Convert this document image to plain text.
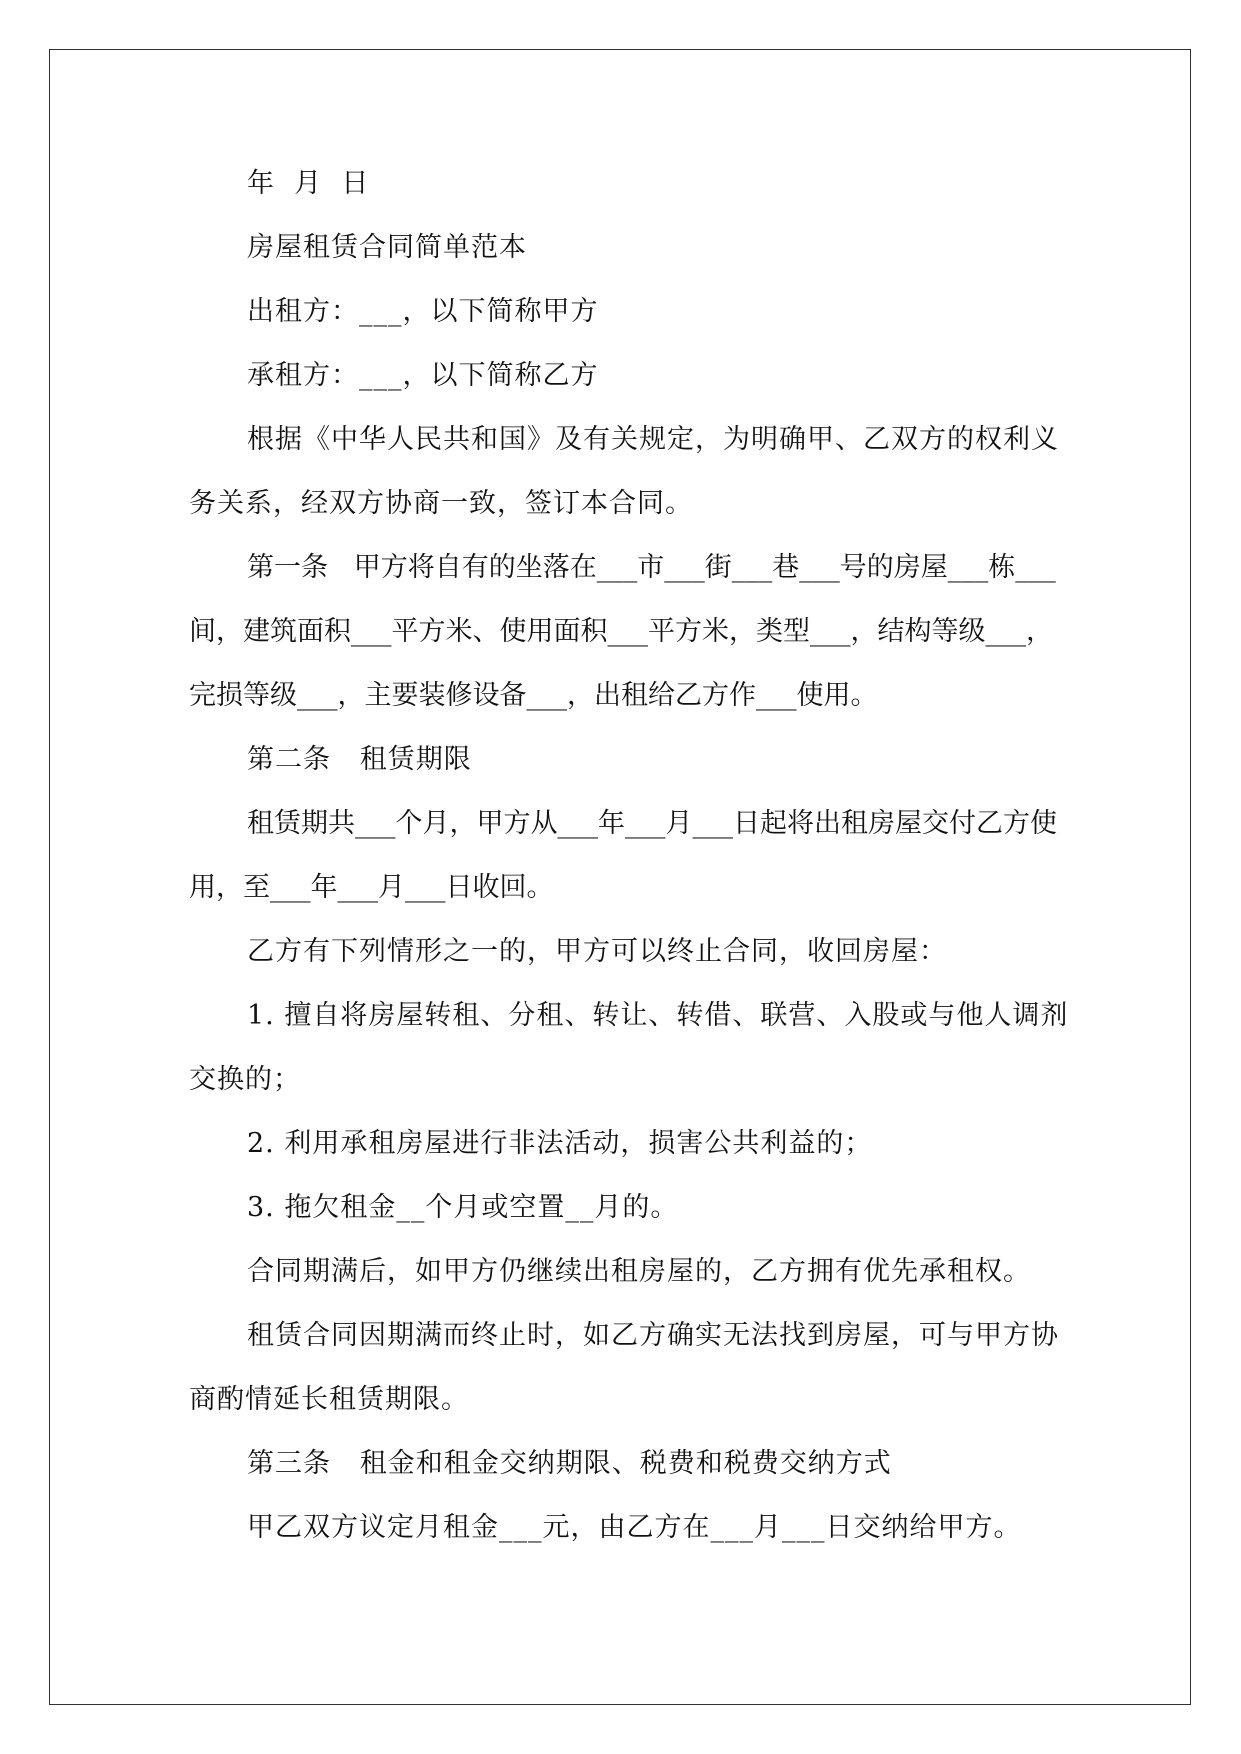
年  月  日

房屋租赁合同简单范本

出租方：___，以下简称甲方

承租方：___，以下简称乙方

根据《中华人民共和国》及有关规定，为明确甲、乙双方的权利义务关系，经双方协商一致，签订本合同。

第一条   甲方将自有的坐落在___市___街___巷___号的房屋___栋___间，建筑面积___平方米、使用面积___平方米，类型___，结构等级___，完损等级___，主要装修设备___，出租给乙方作___使用。

第二条   租赁期限

租赁期共___个月，甲方从___年___月___日起将出租房屋交付乙方使用，至___年___月___日收回。

乙方有下列情形之一的，甲方可以终止合同，收回房屋：

1. 擅自将房屋转租、分租、转让、转借、联营、入股或与他人调剂交换的；

2. 利用承租房屋进行非法活动，损害公共利益的；

3. 拖欠租金__个月或空置__月的。

合同期满后，如甲方仍继续出租房屋的，乙方拥有优先承租权。

租赁合同因期满而终止时，如乙方确实无法找到房屋，可与甲方协商酌情延长租赁期限。

第三条   租金和租金交纳期限、税费和税费交纳方式

甲乙双方议定月租金___元，由乙方在___月___日交纳给甲方。
